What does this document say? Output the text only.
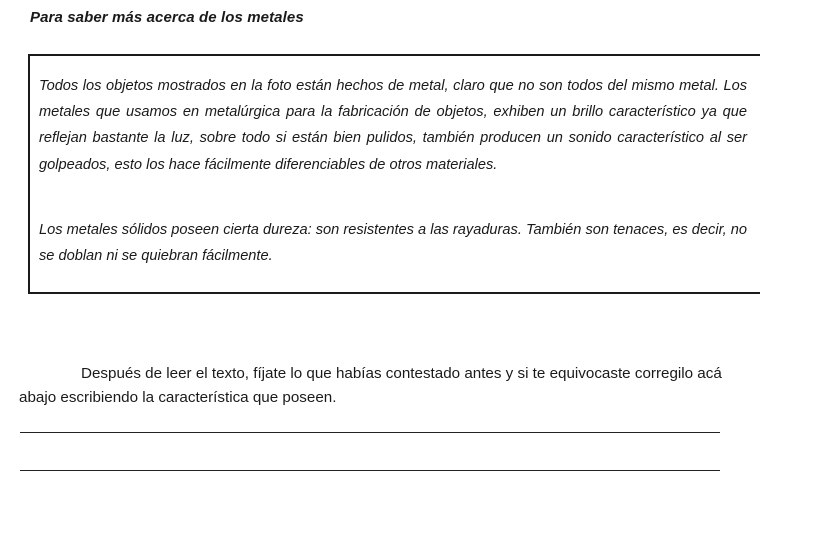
Para saber más acerca de los metales

Todos los objetos mostrados en la foto están hechos de metal, claro que no son todos del mismo metal. Los metales que usamos en metalúrgica para la fabricación de objetos, exhiben un brillo característico ya que reflejan bastante la luz, sobre todo si están bien pulidos, también producen un sonido característico al ser golpeados, esto los hace fácilmente diferenciables de otros materiales.

Los metales sólidos poseen cierta dureza: son resistentes a las rayaduras. También son tenaces, es decir, no se doblan ni se quiebran fácilmente.

Después de leer el texto, fíjate lo que habías contestado antes y si te equivocaste corregilo acá abajo escribiendo la característica que poseen.
